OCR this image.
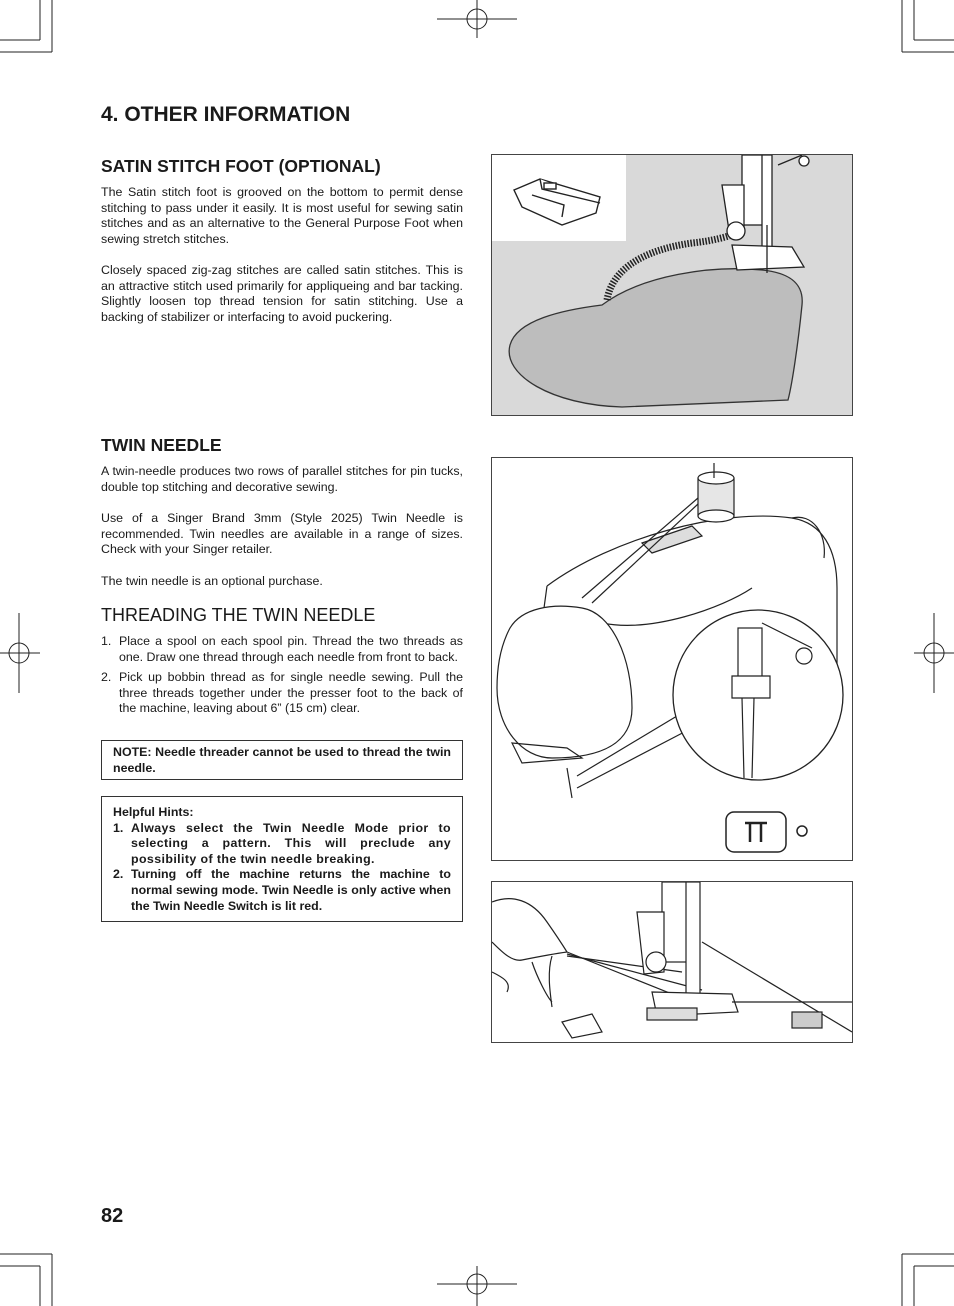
4. OTHER INFORMATION
SATIN STITCH FOOT (OPTIONAL)

The Satin stitch foot is grooved on the bottom to permit dense stitching to pass under it easily. It is most useful for sewing satin stitches and as an alternative to the General Purpose Foot when sewing stretch stitches.

Closely spaced zig-zag stitches are called satin stitches. This is an attractive stitch used primarily for appliqueing and bar tacking. Slightly loosen top thread tension for satin stitching. Use a backing of stabilizer or interfacing to avoid puckering.

TWIN NEEDLE

A twin-needle produces two rows of parallel stitches for pin tucks, double top stitching and decorative sewing.

Use of a Singer Brand 3mm (Style 2025) Twin Needle is recommended. Twin needles are available in a range of sizes. Check with your Singer retailer.

The twin needle is an optional purchase.

THREADING THE TWIN NEEDLE
1. Place a spool on each spool pin. Thread the two threads as one. Draw one thread through each needle from front to back.
2. Pick up bobbin thread as for single needle sewing. Pull the three threads together under the presser foot to the back of the machine, leaving about 6” (15 cm) clear.
NOTE: Needle threader cannot be used to thread the twin needle.
Helpful Hints:
1. Always select the Twin Needle Mode prior to selecting a pattern. This will preclude any possibility of the twin needle breaking.
2. Turning off the machine returns the machine to normal sewing mode. Twin Needle is only active when the Twin Needle Switch is lit red.
82
